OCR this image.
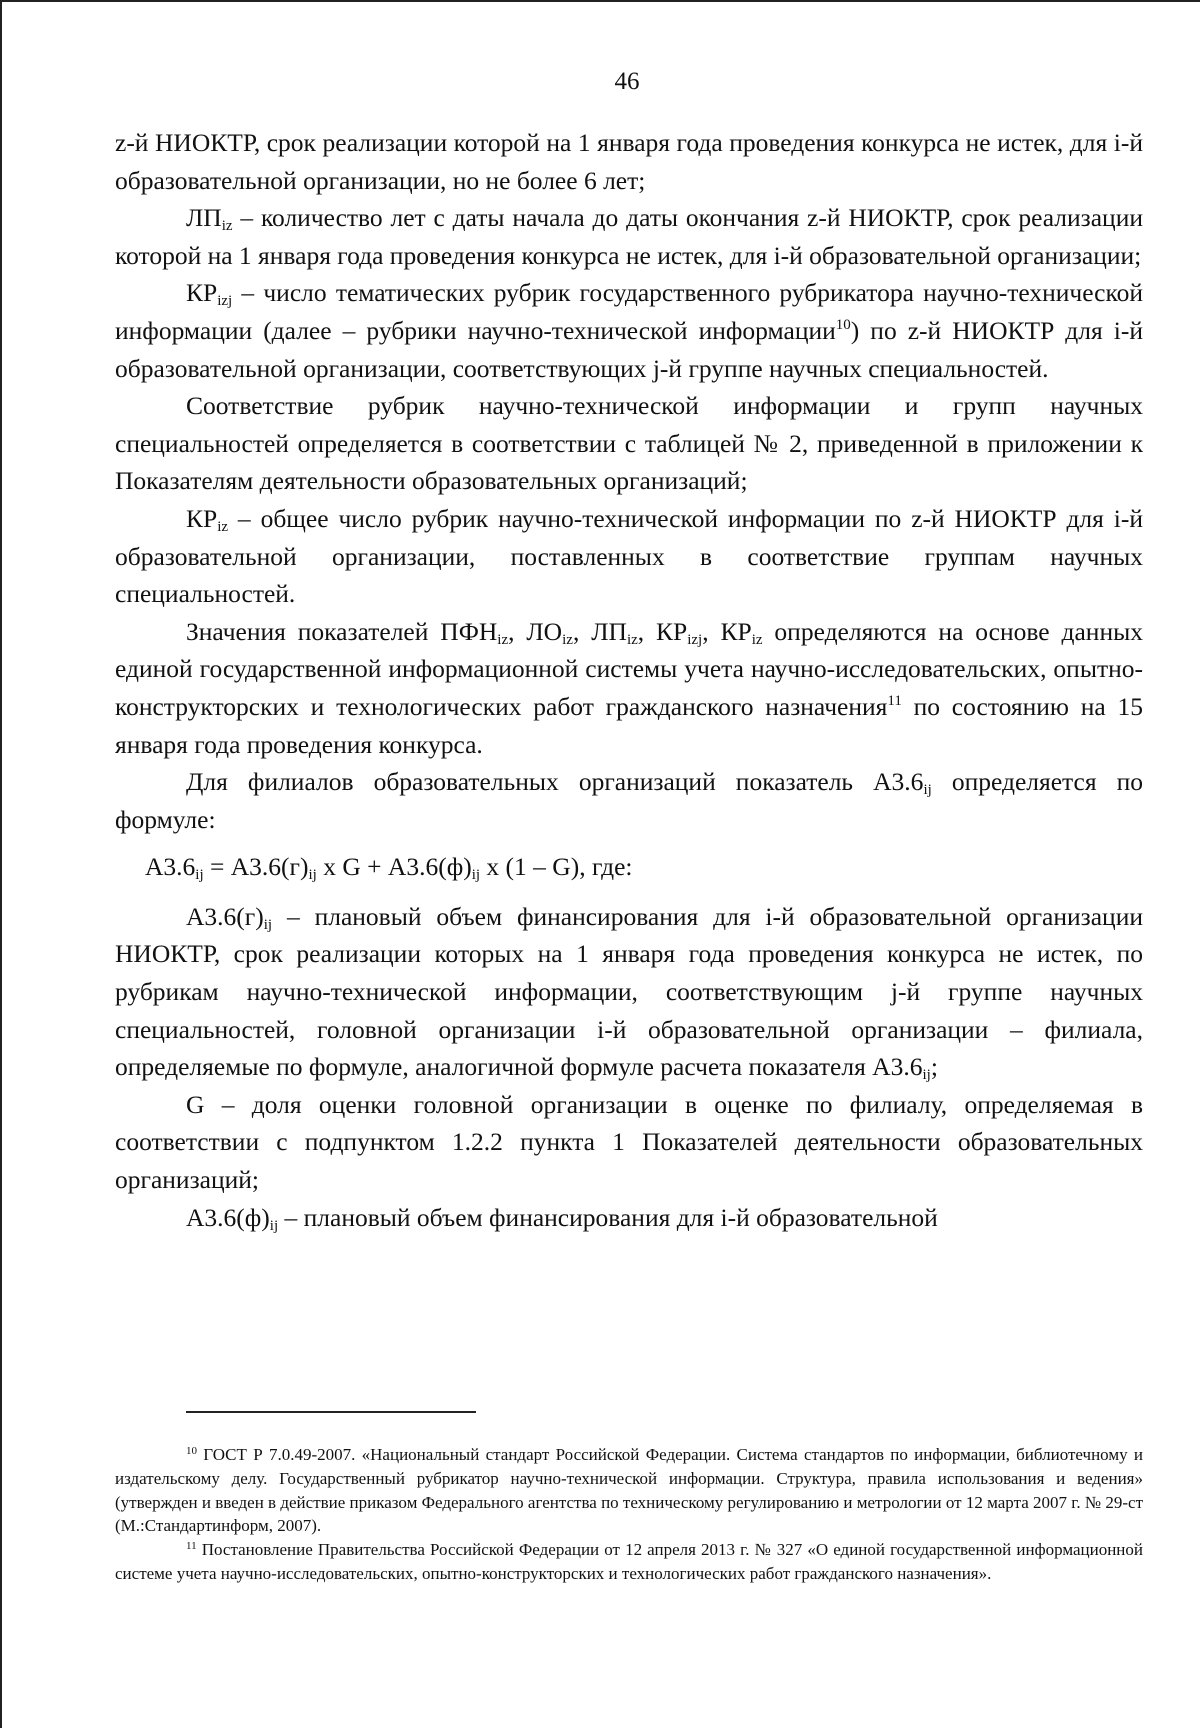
46

z-й НИОКТР, срок реализации которой на 1 января года проведения конкурса не истек, для i-й образовательной организации, но не более 6 лет;

$ЛП_{iz}$ – количество лет с даты начала до даты окончания z-й НИОКТР, срок реализации которой на 1 января года проведения конкурса не истек, для i-й образовательной организации;

$КР_{izj}$ – число тематических рубрик государственного рубрикатора научно-технической информации (далее – рубрики научно-технической информации$^{10}$) по z-й НИОКТР для i-й образовательной организации, соответствующих j-й группе научных специальностей.

Соответствие рубрик научно-технической информации и групп научных специальностей определяется в соответствии с таблицей № 2, приведенной в приложении к Показателям деятельности образовательных организаций;

$КР_{iz}$ – общее число рубрик научно-технической информации по z-й НИОКТР для i-й образовательной организации, поставленных в соответствие группам научных специальностей.

Значения показателей $ПФН_{iz}$, $ЛО_{iz}$, $ЛП_{iz}$, $КР_{izj}$, $КР_{iz}$ определяются на основе данных единой государственной информационной системы учета научно-исследовательских, опытно-конструкторских и технологических работ гражданского назначения$^{11}$ по состоянию на 15 января года проведения конкурса.

Для филиалов образовательных организаций показатель $А3.6_{ij}$ определяется по формуле:

$А3.6_{ij} = А3.6(г)_{ij}$ х $G + А3.6(ф)_{ij}$ х (1 – G), где:

$А3.6(г)_{ij}$ – плановый объем финансирования для i-й образовательной организации НИОКТР, срок реализации которых на 1 января года проведения конкурса не истек, по рубрикам научно-технической информации, соответствующим j-й группе научных специальностей, головной организации i-й образовательной организации – филиала, определяемые по формуле, аналогичной формуле расчета показателя $А3.6_{ij}$;

G – доля оценки головной организации в оценке по филиалу, определяемая в соответствии с подпунктом 1.2.2 пункта 1 Показателей деятельности образовательных организаций;

$А3.6(ф)_{ij}$ – плановый объем финансирования для i-й образовательной

$^{10}$ ГОСТ Р 7.0.49-2007. «Национальный стандарт Российской Федерации. Система стандартов по информации, библиотечному и издательскому делу. Государственный рубрикатор научно-технической информации. Структура, правила использования и ведения» (утвержден и введен в действие приказом Федерального агентства по техническому регулированию и метрологии от 12 марта 2007 г. № 29-ст (М.:Стандартинформ, 2007).

$^{11}$ Постановление Правительства Российской Федерации от 12 апреля 2013 г. № 327 «О единой государственной информационной системе учета научно-исследовательских, опытно-конструкторских и технологических работ гражданского назначения».
